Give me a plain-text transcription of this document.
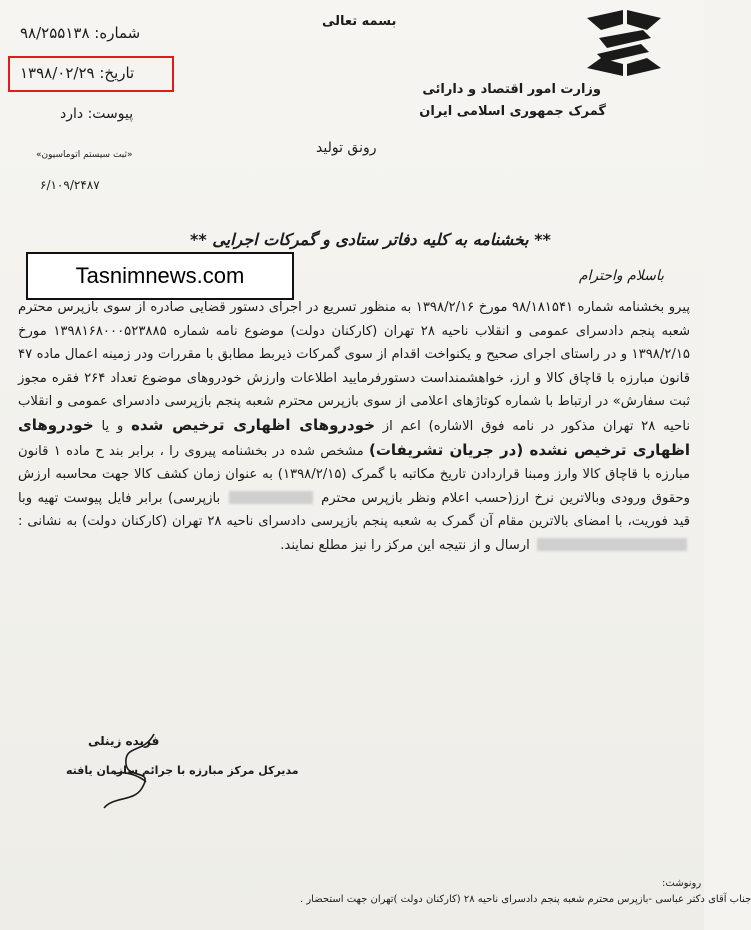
وزارت امور اقتصاد و دارائی
گمرک جمهوری اسلامی ایران
بسمه تعالی
شماره: ۹۸/۲۵۵۱۳۸
تاریخ: ۱۳۹۸/۰۲/۲۹
پیوست: دارد
«ثبت سیستم اتوماسیون»
۶/۱۰۹/۲۴۸۷
رونق تولید
** بخشنامه به کلیه دفاتر ستادی و گمرکات اجرایی **
Tasnimnews.com	باسلام واحترام
پیرو بخشنامه شماره ۹۸/۱۸۱۵۴۱ مورخ ۱۳۹۸/۲/۱۶ به منظور تسریع در اجرای دستور قضایی صادره از سوی بازپرس محترم شعبه پنجم دادسرای عمومی و انقلاب ناحیه ۲۸ تهران (کارکنان دولت) موضوع نامه شماره ۱۳۹۸۱۶۸۰۰۰۵۲۳۸۸۵ مورخ ۱۳۹۸/۲/۱۵ و در راستای اجرای صحیح و یکنواخت اقدام از سوی گمرکات ذیربط مطابق با مقررات ودر زمینه اعمال ماده ۴۷ قانون مبارزه با قاچاق کالا و ارز، خواهشمنداست دستورفرمایید اطلاعات وارزش خودروهای موضوع تعداد ۲۶۴ فقره مجوز ثبت سفارش» در ارتباط با شماره کوتاژهای اعلامی از سوی بازپرس محترم شعبه پنجم بازپرسی دادسرای عمومی و انقلاب ناحیه ۲۸ تهران مذکور در نامه فوق الاشاره) اعم از خودروهای اظهاری ترخیص شده و یا خودروهای اظهاری ترخیص نشده (در جریان تشریفات) مشخص شده در بخشنامه پیروی را ، برابر بند ح ماده ۱ قانون مبارزه با قاچاق کالا وارز ومبنا قراردادن تاریخ مکاتبه با گمرک (۱۳۹۸/۲/۱۵) به عنوان زمان کشف کالا جهت محاسبه ارزش وحقوق ورودی وبالاترین نرخ ارز(حسب اعلام ونظر بازپرس محترم  بازپرسی) برابر فایل پیوست تهیه وبا قید فوریت، با امضای بالاترین مقام آن گمرک به شعبه پنجم بازپرسی دادسرای ناحیه ۲۸ تهران (کارکنان دولت) به نشانی :  ارسال و از نتیجه این مرکز را نیز مطلع نمایند.
فریده زینلی
مدیرکل مرکز مبارزه با جرائم سازمان یافته
رونوشت:
جناب آقای دکتر عباسی -بازپرس محترم شعبه پنجم دادسرای ناحیه ۲۸ (کارکنان دولت )تهران جهت استحضار .
